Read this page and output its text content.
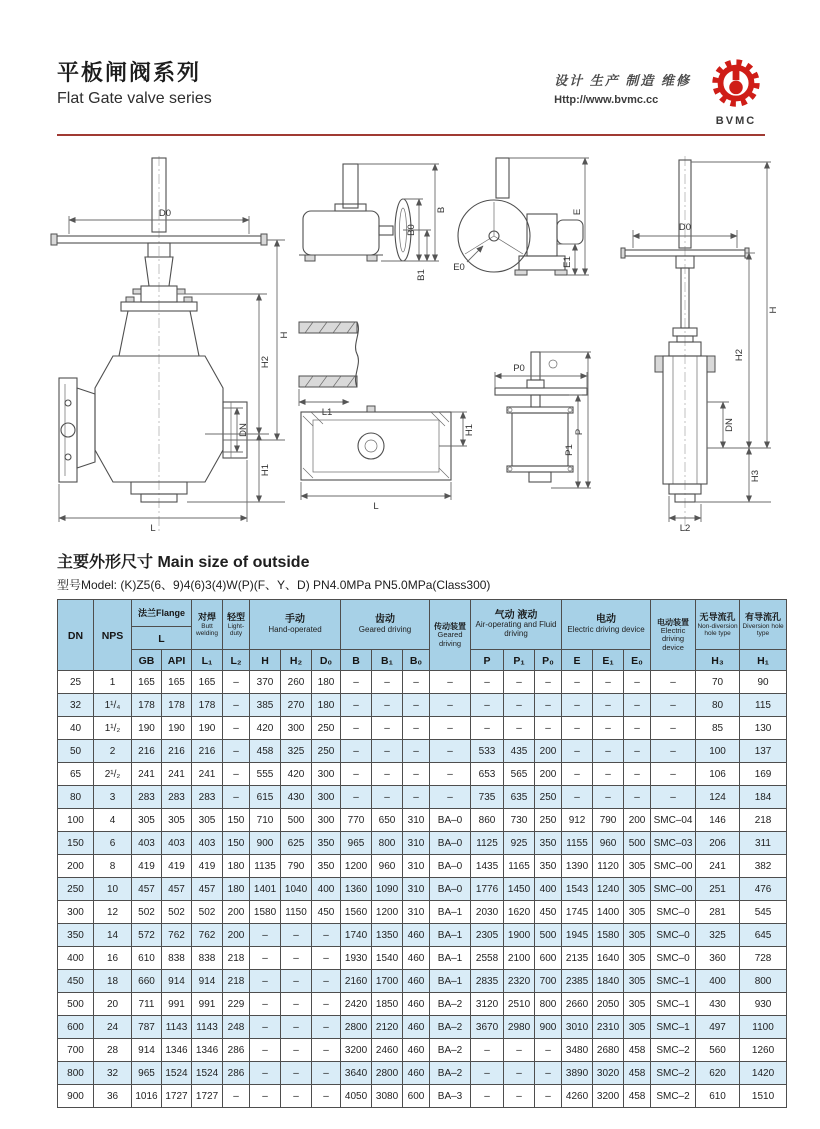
平板闸阀系列
Flat Gate valve series
设计 生产 制造 维修
Http://www.bvmc.cc
BVMC
D0
H
H2
DN
H1
L
B0
B1
B
E0
E
E1
L1
H1
L
P0
P
P1
D0
DN
H
H2
H3
L2
主要外形尺寸 Main size of outside
型号Model: (K)Z5(6、9)4(6)3(4)W(P)(F、Y、D) PN4.0MPa PN5.0MPa(Class300)
DN	NPS	法兰Flange		对焊
Butt welding	轻型
Light-duty	手动
Hand-operated			齿动
Geared driving			传动装置
Geared driving	气动 液动
Air-operating and Fluid driving			电动
Electric driving device			电动装置
Electric driving device	无导流孔
Non-diversion hole type	有导流孔
Diversion hole type

		L																			
		GB	API	L₁	L₂	H	H₂	D₀	B	B₁	B₀		P	P₁	P₀	E	E₁	E₀		H₃	H₁
25	1	165	165	165	–	370	260	180	–	–	–	–	–	–	–	–	–	–	–	70	90
32	1¹/₄	178	178	178	–	385	270	180	–	–	–	–	–	–	–	–	–	–	–	80	115
40	1¹/₂	190	190	190	–	420	300	250	–	–	–	–	–	–	–	–	–	–	–	85	130
50	2	216	216	216	–	458	325	250	–	–	–	–	533	435	200	–	–	–	–	100	137
65	2¹/₂	241	241	241	–	555	420	300	–	–	–	–	653	565	200	–	–	–	–	106	169
80	3	283	283	283	–	615	430	300	–	–	–	–	735	635	250	–	–	–	–	124	184
100	4	305	305	305	150	710	500	300	770	650	310	BA–0	860	730	250	912	790	200	SMC–04	146	218
150	6	403	403	403	150	900	625	350	965	800	310	BA–0	1125	925	350	1155	960	500	SMC–03	206	311
200	8	419	419	419	180	1135	790	350	1200	960	310	BA–0	1435	1165	350	1390	1120	305	SMC–00	241	382
250	10	457	457	457	180	1401	1040	400	1360	1090	310	BA–0	1776	1450	400	1543	1240	305	SMC–00	251	476
300	12	502	502	502	200	1580	1150	450	1560	1200	310	BA–1	2030	1620	450	1745	1400	305	SMC–0	281	545
350	14	572	762	762	200	–	–	–	1740	1350	460	BA–1	2305	1900	500	1945	1580	305	SMC–0	325	645
400	16	610	838	838	218	–	–	–	1930	1540	460	BA–1	2558	2100	600	2135	1640	305	SMC–0	360	728
450	18	660	914	914	218	–	–	–	2160	1700	460	BA–1	2835	2320	700	2385	1840	305	SMC–1	400	800
500	20	711	991	991	229	–	–	–	2420	1850	460	BA–2	3120	2510	800	2660	2050	305	SMC–1	430	930
600	24	787	1143	1143	248	–	–	–	2800	2120	460	BA–2	3670	2980	900	3010	2310	305	SMC–1	497	1100
700	28	914	1346	1346	286	–	–	–	3200	2460	460	BA–2	–	–	–	3480	2680	458	SMC–2	560	1260
800	32	965	1524	1524	286	–	–	–	3640	2800	460	BA–2	–	–	–	3890	3020	458	SMC–2	620	1420
900	36	1016	1727	1727	–	–	–	–	4050	3080	600	BA–3	–	–	–	4260	3200	458	SMC–2	610	1510
